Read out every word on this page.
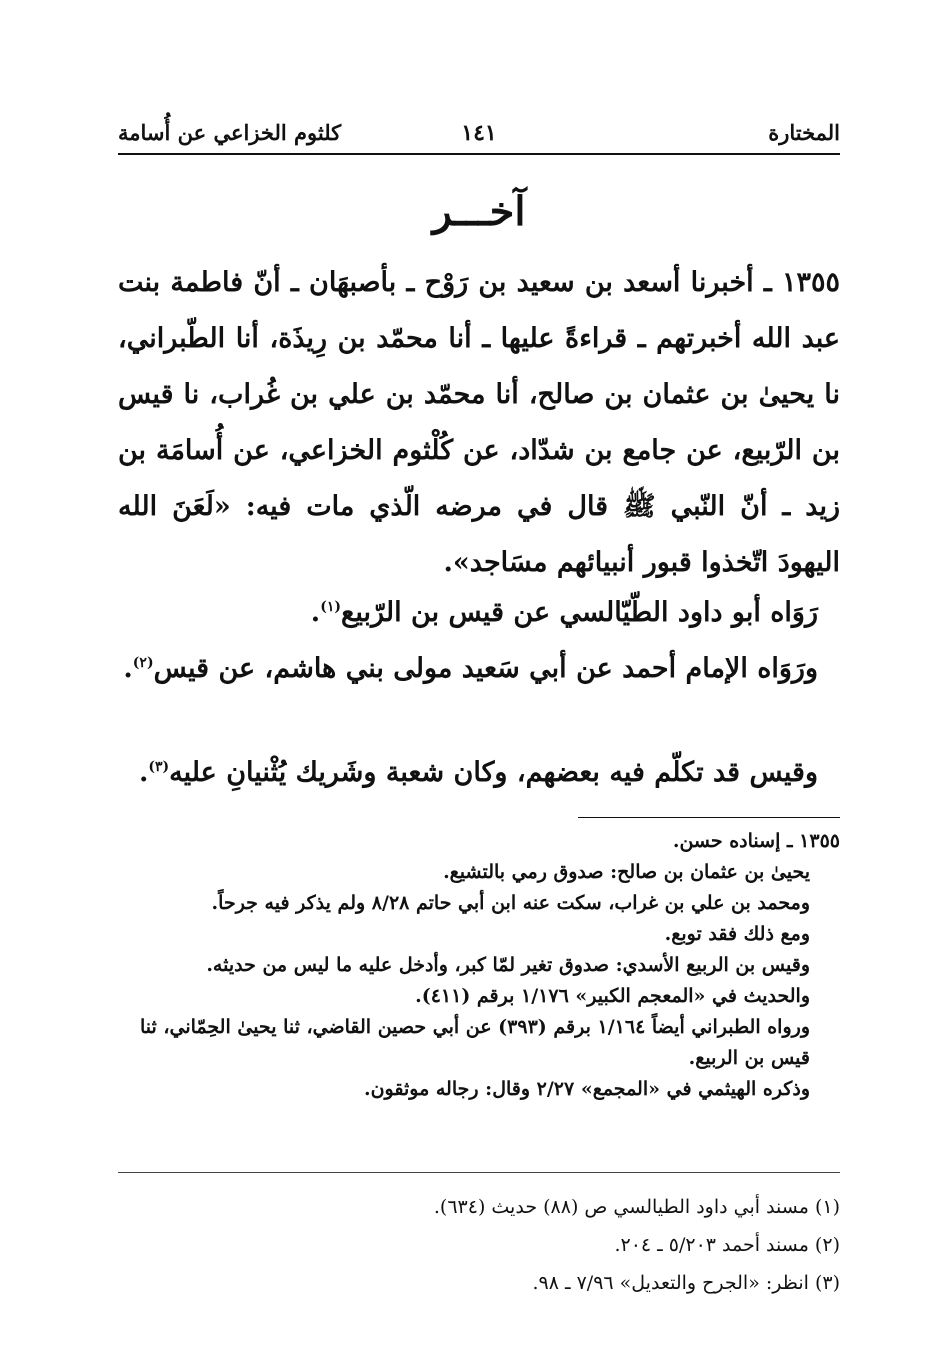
المختارة
١٤١
كلثوم الخزاعي عن أُسامة
آخـــر

١٣٥٥ ـ أخبرنا أسعد بن سعيد بن رَوْح ـ بأصبهَان ـ أنّ فاطمة بنت عبد الله أخبرتهم ـ قراءةً عليها ـ أنا محمّد بن رِيذَة، أنا الطّبراني، نا يحيىٰ بن عثمان بن صالح، أنا محمّد بن علي بن غُراب، نا قيس بن الرّبيع، عن جامع بن شدّاد، عن كُلْثوم الخزاعي، عن أُسامَة بن زيد ـ أنّ النّبي ﷺ قال في مرضه الّذي مات فيه: «لَعَنَ الله اليهودَ اتّخذوا قبور أنبيائهم مسَاجد».

رَوَاه أبو داود الطّيّالسي عن قيس بن الرّبيع$^{(١)}$.
ورَوَاه الإمام أحمد عن أبي سَعيد مولى بني هاشم، عن قيس$^{(٢)}$.
وقيس قد تكلّم فيه بعضهم، وكان شعبة وشَريك يُثْنيانِ عليه$^{(٣)}$.

١٣٥٥ ـ إسناده حسن.

يحيىٰ بن عثمان بن صالح: صدوق رمي بالتشيع.

ومحمد بن علي بن غراب، سكت عنه ابن أبي حاتم ٨/٢٨ ولم يذكر فيه جرحاً.

ومع ذلك فقد توبع.

وقيس بن الربيع الأسدي: صدوق تغير لمّا كبر، وأدخل عليه ما ليس من حديثه.

والحديث في «المعجم الكبير» ١/١٧٦ برقم (٤١١).

ورواه الطبراني أيضاً ١/١٦٤ برقم (٣٩٣) عن أبي حصين القاضي، ثنا يحيىٰ الحِمّاني، ثنا قيس بن الربيع.

وذكره الهيثمي في «المجمع» ٢/٢٧ وقال: رجاله موثقون.

(١) مسند أبي داود الطيالسي ص (٨٨) حديث (٦٣٤).

(٢) مسند أحمد ٥/٢٠٣ ـ ٢٠٤.

(٣) انظر: «الجرح والتعديل» ٧/٩٦ ـ ٩٨.
